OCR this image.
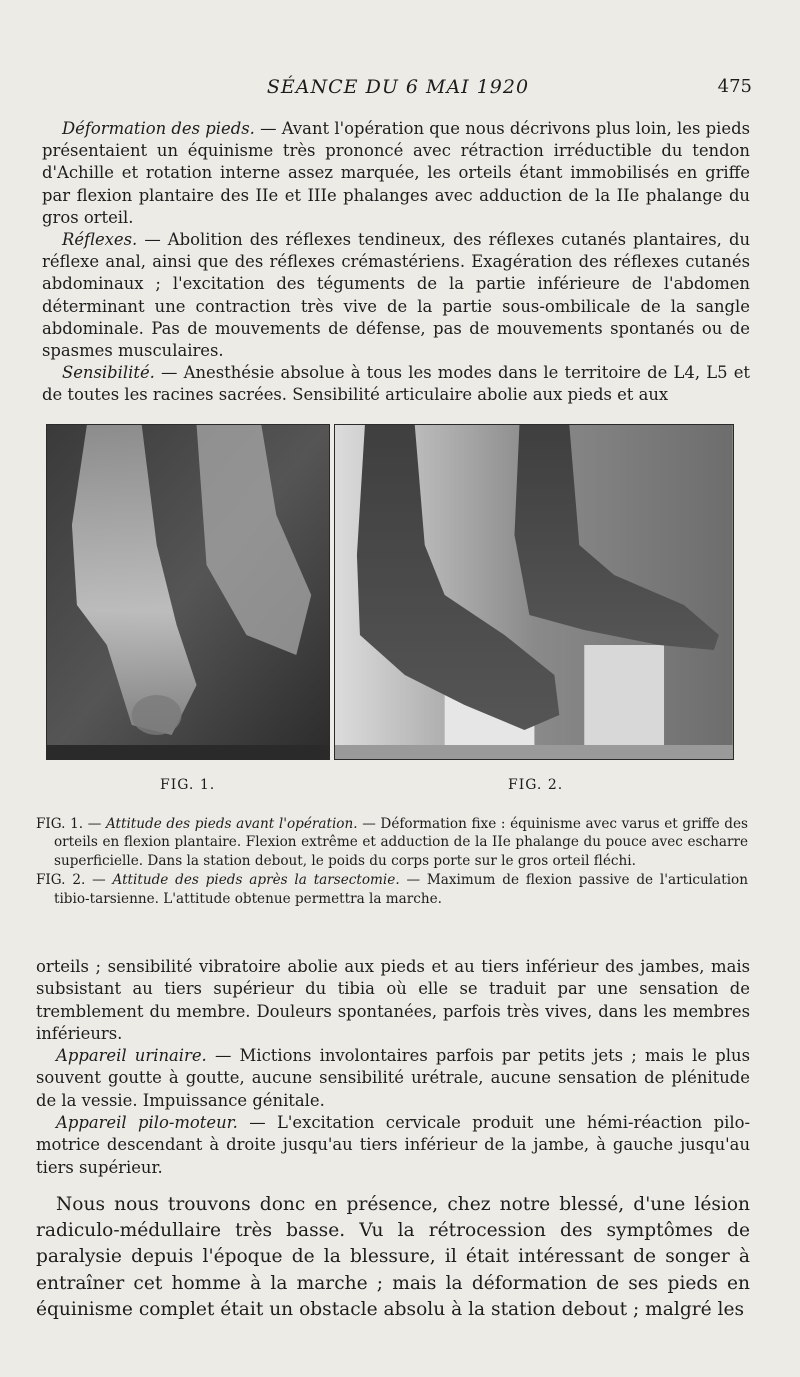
SÉANCE DU 6 MAI 1920	475

Déformation des pieds. — Avant l'opération que nous décrivons plus loin, les pieds présentaient un équinisme très prononcé avec rétraction irréductible du tendon d'Achille et rotation interne assez marquée, les orteils étant immobilisés en griffe par flexion plantaire des IIe et IIIe phalanges avec adduction de la IIe phalange du gros orteil.

Réflexes. — Abolition des réflexes tendineux, des réflexes cutanés plantaires, du réflexe anal, ainsi que des réflexes crémastériens. Exagération des réflexes cutanés abdominaux ; l'excitation des téguments de la partie inférieure de l'abdomen déterminant une contraction très vive de la partie sous-ombilicale de la sangle abdominale. Pas de mouvements de défense, pas de mouvements spontanés ou de spasmes musculaires.

Sensibilité. — Anesthésie absolue à tous les modes dans le territoire de L4, L5 et de toutes les racines sacrées. Sensibilité articulaire abolie aux pieds et aux

FIG. 1.	FIG. 2.

FIG. 1. — Attitude des pieds avant l'opération. — Déformation fixe : équinisme avec varus et griffe des orteils en flexion plantaire. Flexion extrême et adduction de la IIe phalange du pouce avec escharre superficielle. Dans la station debout, le poids du corps porte sur le gros orteil fléchi.

FIG. 2. — Attitude des pieds après la tarsectomie. — Maximum de flexion passive de l'articulation tibio-tarsienne. L'attitude obtenue permettra la marche.

orteils ; sensibilité vibratoire abolie aux pieds et au tiers inférieur des jambes, mais subsistant au tiers supérieur du tibia où elle se traduit par une sensation de tremblement du membre. Douleurs spontanées, parfois très vives, dans les membres inférieurs.

Appareil urinaire. — Mictions involontaires parfois par petits jets ; mais le plus souvent goutte à goutte, aucune sensibilité urétrale, aucune sensation de plénitude de la vessie. Impuissance génitale.

Appareil pilo-moteur. — L'excitation cervicale produit une hémi-réaction pilo-motrice descendant à droite jusqu'au tiers inférieur de la jambe, à gauche jusqu'au tiers supérieur.

Nous nous trouvons donc en présence, chez notre blessé, d'une lésion radiculo-médullaire très basse. Vu la rétrocession des symptômes de paralysie depuis l'époque de la blessure, il était intéressant de songer à entraîner cet homme à la marche ; mais la déformation de ses pieds en équinisme complet était un obstacle absolu à la station debout ; malgré les
